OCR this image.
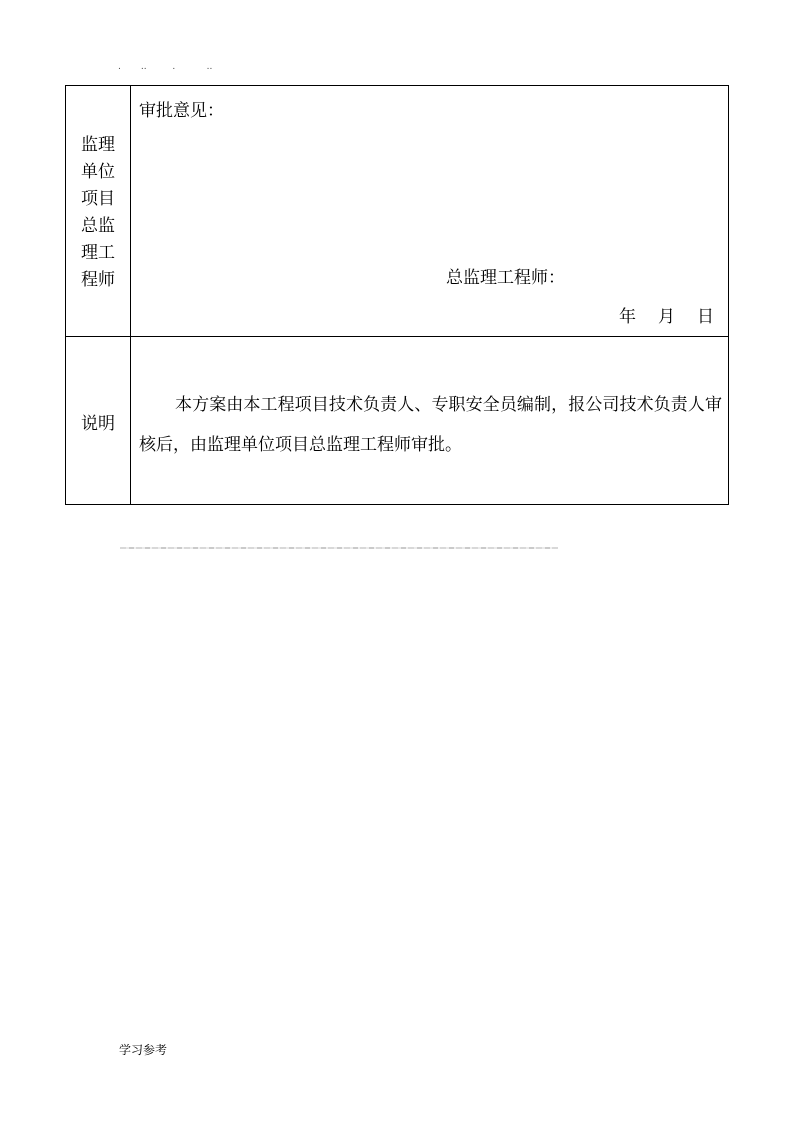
.       ..         .           ..
监理单位项目总监理工程师	审批意见：
总监理工程师：
年 月 日

说明	本方案由本工程项目技术负责人、专职安全员编制，报公司技术负责人审核后，由监理单位项目总监理工程师审批。
学习参考
